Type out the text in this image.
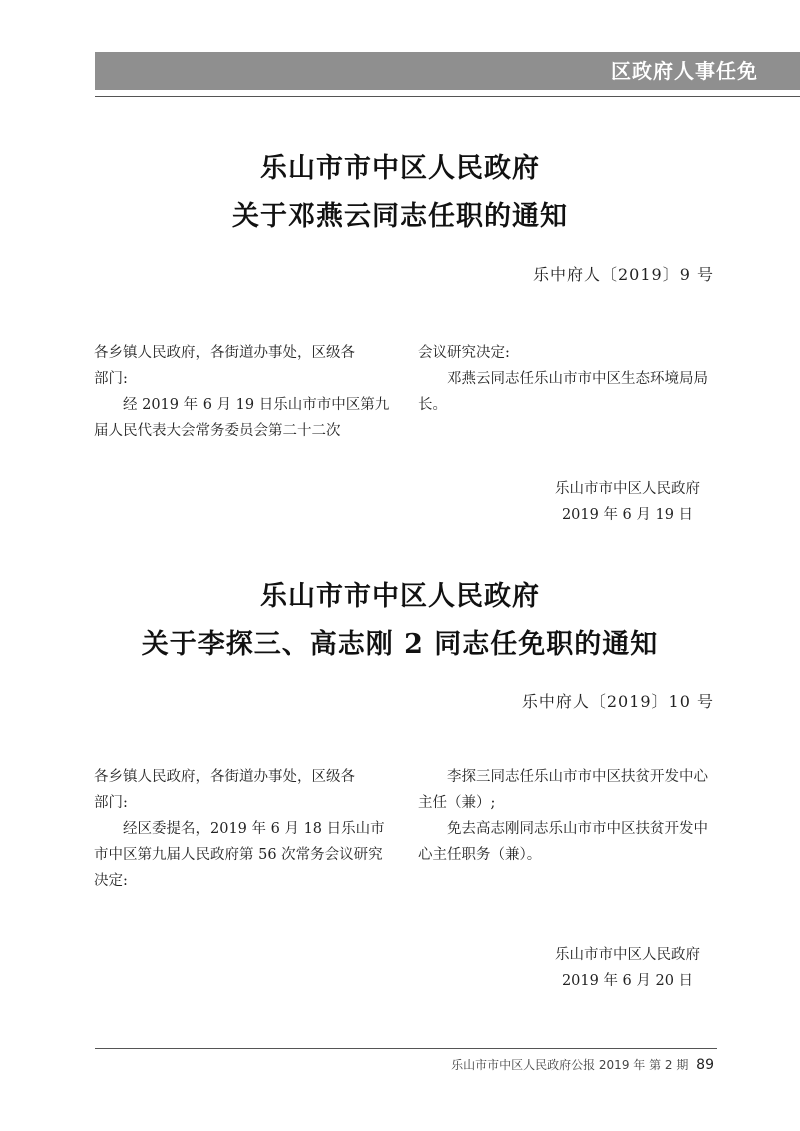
区政府人事任免
乐山市市中区人民政府
关于邓燕云同志任职的通知
乐中府人〔2019〕9 号

各乡镇人民政府，各街道办事处，区级各

部门:

经 2019 年 6 月 19 日乐山市市中区第九届人民代表大会常务委员会第二十二次

会议研究决定:

邓燕云同志任乐山市市中区生态环境局局长。

乐山市市中区人民政府
2019 年 6 月 19 日
乐山市市中区人民政府
关于李探三、高志刚 2 同志任免职的通知
乐中府人〔2019〕10 号

各乡镇人民政府，各街道办事处，区级各

部门:

经区委提名，2019 年 6 月 18 日乐山市市中区第九届人民政府第 56 次常务会议研究决定:

李探三同志任乐山市市中区扶贫开发中心主任（兼）;

免去高志刚同志乐山市市中区扶贫开发中心主任职务（兼）。

乐山市市中区人民政府
2019 年 6 月 20 日
乐山市市中区人民政府公报 2019 年 第 2 期 89
